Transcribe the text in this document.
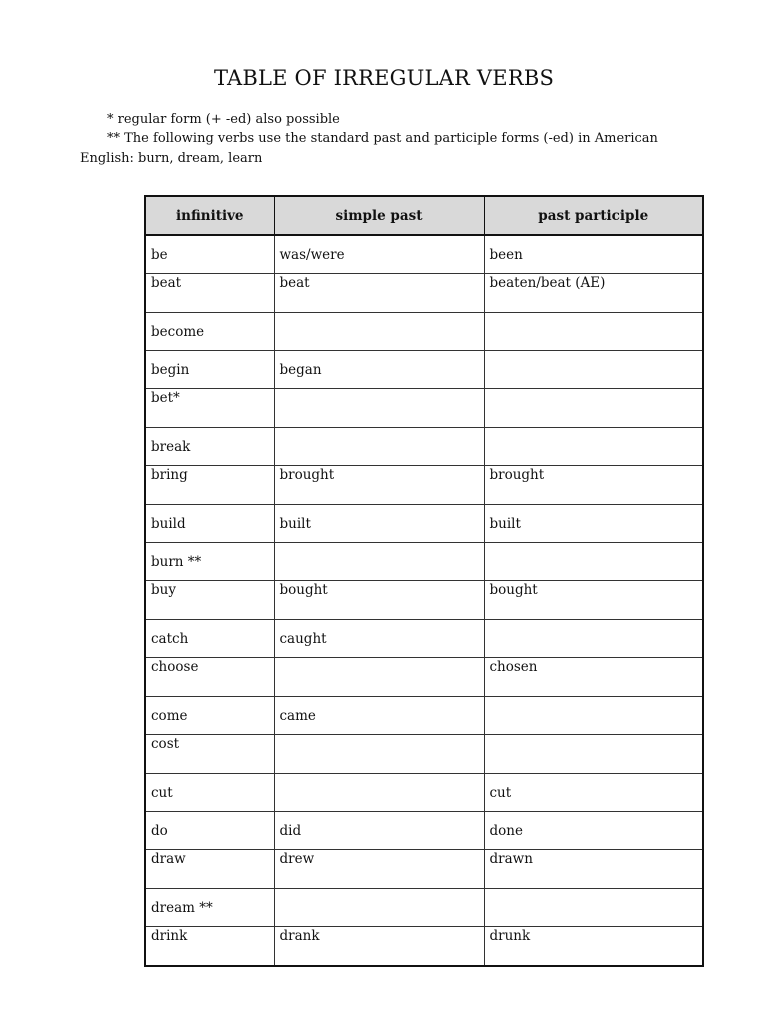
TABLE OF IRREGULAR VERBS
* regular form (+ -ed) also possible
** The following verbs use the standard past and participle forms (-ed) in American
English: burn, dream, learn
infinitive	simple past	past participle
be	was/were	been
beat	beat	beaten/beat (AE)
become		
begin	began	
bet*		
break		
bring	brought	brought
build	built	built
burn **		
buy	bought	bought
catch	caught	
choose		chosen
come	came	
cost		
cut		cut
do	did	done
draw	drew	drawn
dream **		
drink	drank	drunk
